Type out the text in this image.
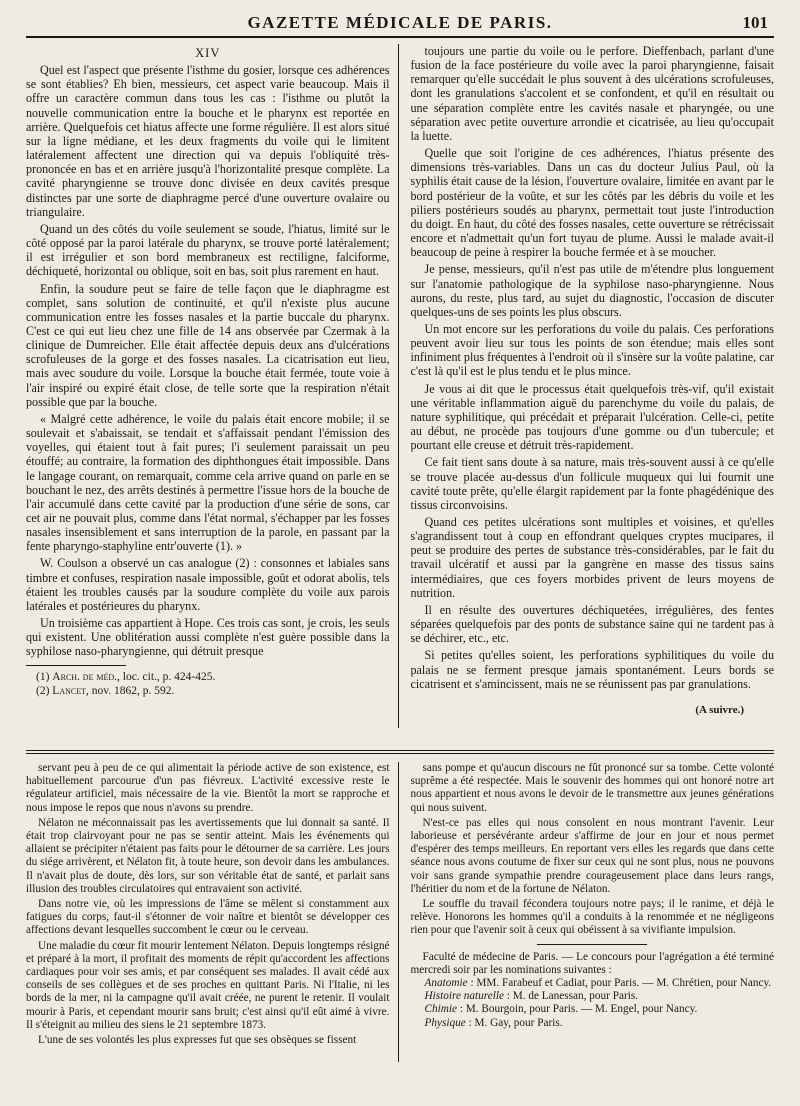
GAZETTE MÉDICALE DE PARIS.	101
XIV

Quel est l'aspect que présente l'isthme du gosier, lorsque ces adhérences se sont établies? Eh bien, messieurs, cet aspect varie beaucoup. Mais il offre un caractère commun dans tous les cas : l'isthme ou plutôt la nouvelle communication entre la bouche et le pharynx est reportée en arrière. Quelquefois cet hiatus affecte une forme régulière. Il est alors situé sur la ligne médiane, et les deux fragments du voile qui le limitent latéralement affectent une direction qui va depuis l'obliquité très-prononcée en bas et en arrière jusqu'à l'horizontalité presque complète. La cavité pharyngienne se trouve donc divisée en deux cavités presque distinctes par une sorte de diaphragme percé d'une ouverture ovalaire ou triangulaire.

Quand un des côtés du voile seulement se soude, l'hiatus, limité sur le côté opposé par la paroi latérale du pharynx, se trouve porté latéralement; il est irrégulier et son bord membraneux est rectiligne, falciforme, déchiqueté, horizontal ou oblique, soit en bas, soit plus rarement en haut.

Enfin, la soudure peut se faire de telle façon que le diaphragme est complet, sans solution de continuité, et qu'il n'existe plus aucune communication entre les fosses nasales et la partie buccale du pharynx. C'est ce qui eut lieu chez une fille de 14 ans observée par Czermak à la clinique de Dumreicher. Elle était affectée depuis deux ans d'ulcérations scrofuleuses de la gorge et des fosses nasales. La cicatrisation eut lieu, mais avec soudure du voile. Lorsque la bouche était fermée, toute voie à l'air inspiré ou expiré était close, de telle sorte que la respiration n'était possible que par la bouche.

« Malgré cette adhérence, le voile du palais était encore mobile; il se soulevait et s'abaissait, se tendait et s'affaissait pendant l'émission des voyelles, qui étaient tout à fait pures; l'i seulement paraissait un peu étouffé; au contraire, la formation des diphthongues était impossible. Dans le langage courant, on remarquait, comme cela arrive quand on parle en se bouchant le nez, des arrêts destinés à permettre l'issue hors de la bouche de l'air accumulé dans cette cavité par la production d'une série de sons, car cet air ne pouvait plus, comme dans l'état normal, s'échapper par les fosses nasales insensiblement et sans interruption de la parole, en passant par la fente pharyngo-staphyline entr'ouverte (1). »

W. Coulson a observé un cas analogue (2) : consonnes et labiales sans timbre et confuses, respiration nasale impossible, goût et odorat abolis, tels étaient les troubles causés par la soudure complète du voile aux parois latérales et postérieures du pharynx.

Un troisième cas appartient à Hope. Ces trois cas sont, je crois, les seuls qui existent. Une oblitération aussi complète n'est guère possible dans la syphilose naso-pharyngienne, qui détruit presque

(1) Arch. de méd., loc. cit., p. 424-425.
(2) Lancet, nov. 1862, p. 592.

toujours une partie du voile ou le perfore. Dieffenbach, parlant d'une fusion de la face postérieure du voile avec la paroi pharyngienne, faisait remarquer qu'elle succédait le plus souvent à des ulcérations scrofuleuses, dont les granulations s'accolent et se confondent, et qu'il en résultait ou une séparation complète entre les cavités nasale et pharyngée, ou une séparation avec petite ouverture arrondie et cicatrisée, au lieu qu'occupait la luette.

Quelle que soit l'origine de ces adhérences, l'hiatus présente des dimensions très-variables. Dans un cas du docteur Julius Paul, où la syphilis était cause de la lésion, l'ouverture ovalaire, limitée en avant par le bord postérieur de la voûte, et sur les côtés par les débris du voile et les piliers postérieurs soudés au pharynx, permettait tout juste l'introduction du doigt. En haut, du côté des fosses nasales, cette ouverture se rétrécissait encore et n'admettait qu'un fort tuyau de plume. Aussi le malade avait-il beaucoup de peine à respirer la bouche fermée et à se moucher.

Je pense, messieurs, qu'il n'est pas utile de m'étendre plus longuement sur l'anatomie pathologique de la syphilose naso-pharyngienne. Nous aurons, du reste, plus tard, au sujet du diagnostic, l'occasion de discuter quelques-uns de ses points les plus obscurs.

Un mot encore sur les perforations du voile du palais. Ces perforations peuvent avoir lieu sur tous les points de son étendue; mais elles sont infiniment plus fréquentes à l'endroit où il s'insère sur la voûte palatine, car c'est là qu'il est le plus tendu et le plus mince.

Je vous ai dit que le processus était quelquefois très-vif, qu'il existait une véritable inflammation aiguë du parenchyme du voile du palais, de nature syphilitique, qui précédait et préparait l'ulcération. Celle-ci, petite au début, ne procède pas toujours d'une gomme ou d'un tubercule; et pourtant elle creuse et détruit très-rapidement.

Ce fait tient sans doute à sa nature, mais très-souvent aussi à ce qu'elle se trouve placée au-dessus d'un follicule muqueux qui lui fournit une cavité toute prête, qu'elle élargit rapidement par la fonte phagédénique des tissus circonvoisins.

Quand ces petites ulcérations sont multiples et voisines, et qu'elles s'agrandissent tout à coup en effondrant quelques cryptes mucipares, il peut se produire des pertes de substance très-considérables, par le fait du travail ulcératif et aussi par la gangrène en masse des tissus sains intermédiaires, que ces foyers morbides privent de leurs moyens de nutrition.

Il en résulte des ouvertures déchiquetées, irrégulières, des fentes séparées quelquefois par des ponts de substance saine qui ne tardent pas à se déchirer, etc., etc.

Si petites qu'elles soient, les perforations syphilitiques du voile du palais ne se ferment presque jamais spontanément. Leurs bords se cicatrisent et s'amincissent, mais ne se réunissent pas par granulations.

(A suivre.)

servant peu à peu de ce qui alimentait la période active de son existence, est habituellement parcourue d'un pas fiévreux. L'activité excessive reste le régulateur artificiel, mais nécessaire de la vie. Bientôt la mort se rapproche et nous impose le repos que nous n'avons su prendre.

Nélaton ne méconnaissait pas les avertissements que lui donnait sa santé. Il était trop clairvoyant pour ne pas se sentir atteint. Mais les événements qui allaient se précipiter n'étaient pas faits pour le détourner de sa carrière. Les jours du siége arrivèrent, et Nélaton fit, à toute heure, son devoir dans les ambulances. Il n'avait plus de doute, dès lors, sur son véritable état de santé, et parlait sans illusion des troubles circulatoires qui entravaient son activité.

Dans notre vie, où les impressions de l'âme se mêlent si constamment aux fatigues du corps, faut-il s'étonner de voir naître et bientôt se développer ces affections devant lesquelles succombent le cœur ou le cerveau.

Une maladie du cœur fit mourir lentement Nélaton. Depuis longtemps résigné et préparé à la mort, il profitait des moments de répit qu'accordent les affections cardiaques pour voir ses amis, et par conséquent ses malades. Il avait cédé aux conseils de ses collègues et de ses proches en quittant Paris. Ni l'Italie, ni les bords de la mer, ni la campagne qu'il avait créée, ne purent le retenir. Il voulait mourir à Paris, et cependant mourir sans bruit; c'est ainsi qu'il eût aimé à vivre. Il s'éteignit au milieu des siens le 21 septembre 1873.

L'une de ses volontés les plus expresses fut que ses obsèques se fissent

sans pompe et qu'aucun discours ne fût prononcé sur sa tombe. Cette volonté suprême a été respectée. Mais le souvenir des hommes qui ont honoré notre art nous appartient et nous avons le devoir de le transmettre aux jeunes générations qui nous suivent.

N'est-ce pas elles qui nous consolent en nous montrant l'avenir. Leur laborieuse et persévérante ardeur s'affirme de jour en jour et nous permet d'espérer des temps meilleurs. En reportant vers elles les regards que dans cette séance nous avons coutume de fixer sur ceux qui ne sont plus, nous ne pouvons voir sans grande sympathie prendre courageusement place dans leurs rangs, l'héritier du nom et de la fortune de Nélaton.

Le souffle du travail fécondera toujours notre pays; il le ranime, et déjà le relève. Honorons les hommes qu'il a conduits à la renommée et ne négligeons rien pour que l'avenir soit à ceux qui obéissent à sa vivifiante impulsion.

Faculté de médecine de Paris. — Le concours pour l'agrégation a été terminé mercredi soir par les nominations suivantes :

Anatomie : MM. Farabeuf et Cadiat, pour Paris. — M. Chrétien, pour Nancy.

Histoire naturelle : M. de Lanessan, pour Paris.

Chimie : M. Bourgoin, pour Paris. — M. Engel, pour Nancy.

Physique : M. Gay, pour Paris.
